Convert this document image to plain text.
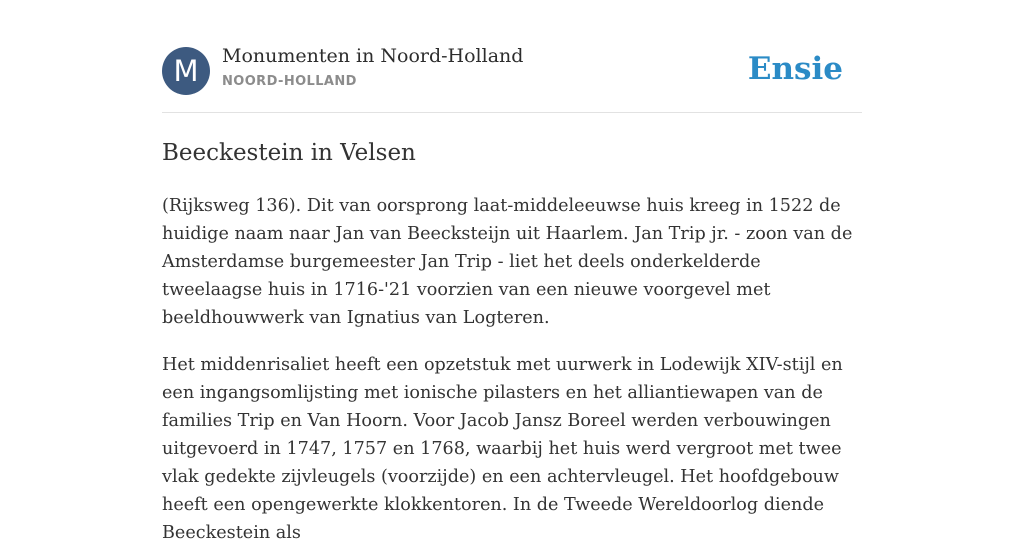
M	Monumenten in Noord-Holland
NOORD-HOLLAND	Ensie
Beeckestein in Velsen

(Rijksweg 136). Dit van oorsprong laat-middeleeuwse huis kreeg in 1522 de huidige naam naar Jan van Beecksteijn uit Haarlem. Jan Trip jr. - zoon van de Amsterdamse burgemeester Jan Trip - liet het deels onderkelderde tweelaagse huis in 1716-'21 voorzien van een nieuwe voorgevel met beeldhouwwerk van Ignatius van Logteren.

Het middenrisaliet heeft een opzetstuk met uurwerk in Lodewijk XIV-stijl en een ingangsomlijsting met ionische pilasters en het alliantiewapen van de families Trip en Van Hoorn. Voor Jacob Jansz Boreel werden verbouwingen uitgevoerd in 1747, 1757 en 1768, waarbij het huis werd vergroot met twee vlak gedekte zijvleugels (voorzijde) en een achtervleugel. Het hoofdgebouw heeft een opengewerkte klokkentoren. In de Tweede Wereldoorlog diende Beeckestein als
